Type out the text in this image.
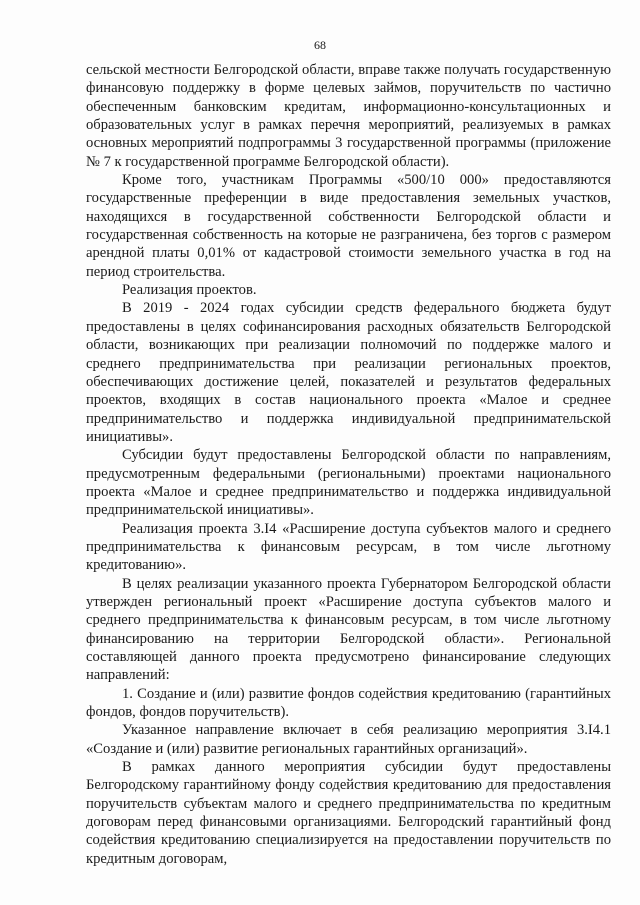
68

сельской местности Белгородской области, вправе также получать государственную финансовую поддержку в форме целевых займов, поручительств по частично обеспеченным банковским кредитам, информационно-консультационных и образовательных услуг в рамках перечня мероприятий, реализуемых в рамках основных мероприятий подпрограммы 3 государственной программы (приложение № 7 к государственной программе Белгородской области).

Кроме того, участникам Программы «500/10 000» предоставляются государственные преференции в виде предоставления земельных участков, находящихся в государственной собственности Белгородской области и государственная собственность на которые не разграничена, без торгов с размером арендной платы 0,01% от кадастровой стоимости земельного участка в год на период строительства.

Реализация проектов.

В 2019 - 2024 годах субсидии средств федерального бюджета будут предоставлены в целях софинансирования расходных обязательств Белгородской области, возникающих при реализации полномочий по поддержке малого и среднего предпринимательства при реализации региональных проектов, обеспечивающих достижение целей, показателей и результатов федеральных проектов, входящих в состав национального проекта «Малое и среднее предпринимательство и поддержка индивидуальной предпринимательской инициативы».

Субсидии будут предоставлены Белгородской области по направлениям, предусмотренным федеральными (региональными) проектами национального проекта «Малое и среднее предпринимательство и поддержка индивидуальной предпринимательской инициативы».

Реализация проекта 3.I4 «Расширение доступа субъектов малого и среднего предпринимательства к финансовым ресурсам, в том числе льготному кредитованию».

В целях реализации указанного проекта Губернатором Белгородской области утвержден региональный проект «Расширение доступа субъектов малого и среднего предпринимательства к финансовым ресурсам, в том числе льготному финансированию на территории Белгородской области». Региональной составляющей данного проекта предусмотрено финансирование следующих направлений:

1. Создание и (или) развитие фондов содействия кредитованию (гарантийных фондов, фондов поручительств).

Указанное направление включает в себя реализацию мероприятия 3.I4.1 «Создание и (или) развитие региональных гарантийных организаций».

В рамках данного мероприятия субсидии будут предоставлены Белгородскому гарантийному фонду содействия кредитованию для предоставления поручительств субъектам малого и среднего предпринимательства по кредитным договорам перед финансовыми организациями. Белгородский гарантийный фонд содействия кредитованию специализируется на предоставлении поручительств по кредитным договорам,
